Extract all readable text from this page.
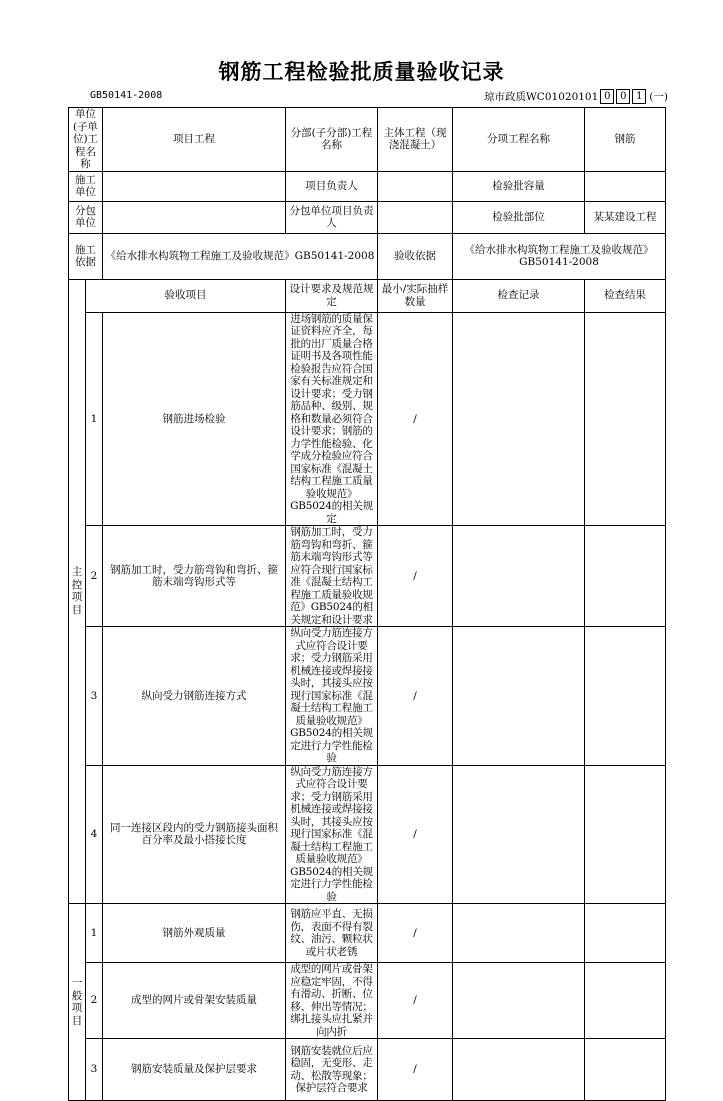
钢筋工程检验批质量验收记录
GB50141-2008	琼市政质WC01020101 0 0 1 (一)
单位(子单位)工程名称		项目工程	分部(子分部)工程名称	主体工程（现浇混凝土）	分项工程名称	钢筋
施工单位			项目负责人		检验批容量	
分包单位			分包单位项目负责人		检验批部位	某某建设工程
施工依据		《给水排水构筑物工程施工及验收规范》GB50141-2008		验收依据	《给水排水构筑物工程施工及验收规范》GB50141-2008	

主
控
项
目	验收项目		设计要求及规范规定	最小/实际抽样数量	检查记录	检查结果
	1	钢筋进场检验	进场钢筋的质量保证资料应齐全，每批的出厂质量合格证明书及各项性能检验报告应符合国家有关标准规定和设计要求；受力钢筋品种、级别、规格和数量必须符合设计要求；钢筋的力学性能检验、化学成分检验应符合国家标准《混凝土结构工程施工质量验收规范》GB5024的相关规定	/		
	2	钢筋加工时，受力筋弯钩和弯折、箍筋末端弯钩形式等	钢筋加工时，受力筋弯钩和弯折、箍筋末端弯钩形式等应符合现行国家标准《混凝土结构工程施工质量验收规范》GB5024的相关规定和设计要求	/		
	3	纵向受力钢筋连接方式	纵向受力筋连接方式应符合设计要求；受力钢筋采用机械连接或焊接接头时，其接头应按现行国家标准《混凝土结构工程施工质量验收规范》GB5024的相关规定进行力学性能检验	/		
	4	同一连接区段内的受力钢筋接头面积百分率及最小搭接长度	纵向受力筋连接方式应符合设计要求；受力钢筋采用机械连接或焊接接头时，其接头应按现行国家标准《混凝土结构工程施工质量验收规范》GB5024的相关规定进行力学性能检验	/		

一
般
项
目	1	钢筋外观质量	钢筋应平直、无损伤，表面不得有裂纹、油污、颗粒状或片状老锈	/		
	2	成型的网片或骨架安装质量	成型的网片或骨架应稳定牢固，不得有滑动、折断、位移、伸出等情况；绑扎接头应扎紧并向内折	/		
	3	钢筋安装质量及保护层要求	钢筋安装就位后应稳固，无变形、走动、松散等现象；保护层符合要求	/		
